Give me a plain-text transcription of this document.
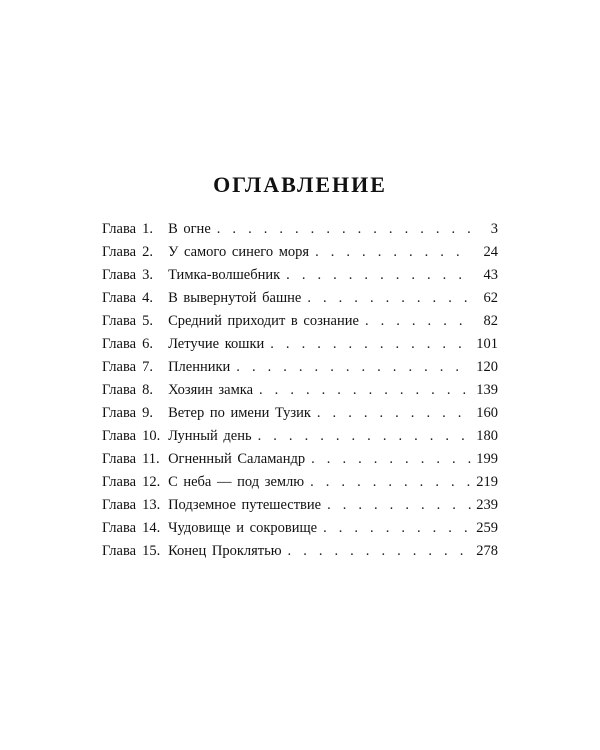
ОГЛАВЛЕНИЕ
Глава 1.	В огне . . .	3
Глава 2.	У самого синего моря . . .	24
Глава 3.	Тимка-волшебник . . .	43
Глава 4.	В вывернутой башне . . .	62
Глава 5.	Средний приходит в сознание . . .	82
Глава 6.	Летучие кошки . . .	101
Глава 7.	Пленники . . .	120
Глава 8.	Хозяин замка . . .	139
Глава 9.	Ветер по имени Тузик . . .	160
Глава 10. Лунный день . . .	180
Глава 11. Огненный Саламандр . . .	199
Глава 12. С неба — под землю . . .	219
Глава 13. Подземное путешествие . . .	239
Глава 14. Чудовище и сокровище . . .	259
Глава 15. Конец Проклятью . . .	278
